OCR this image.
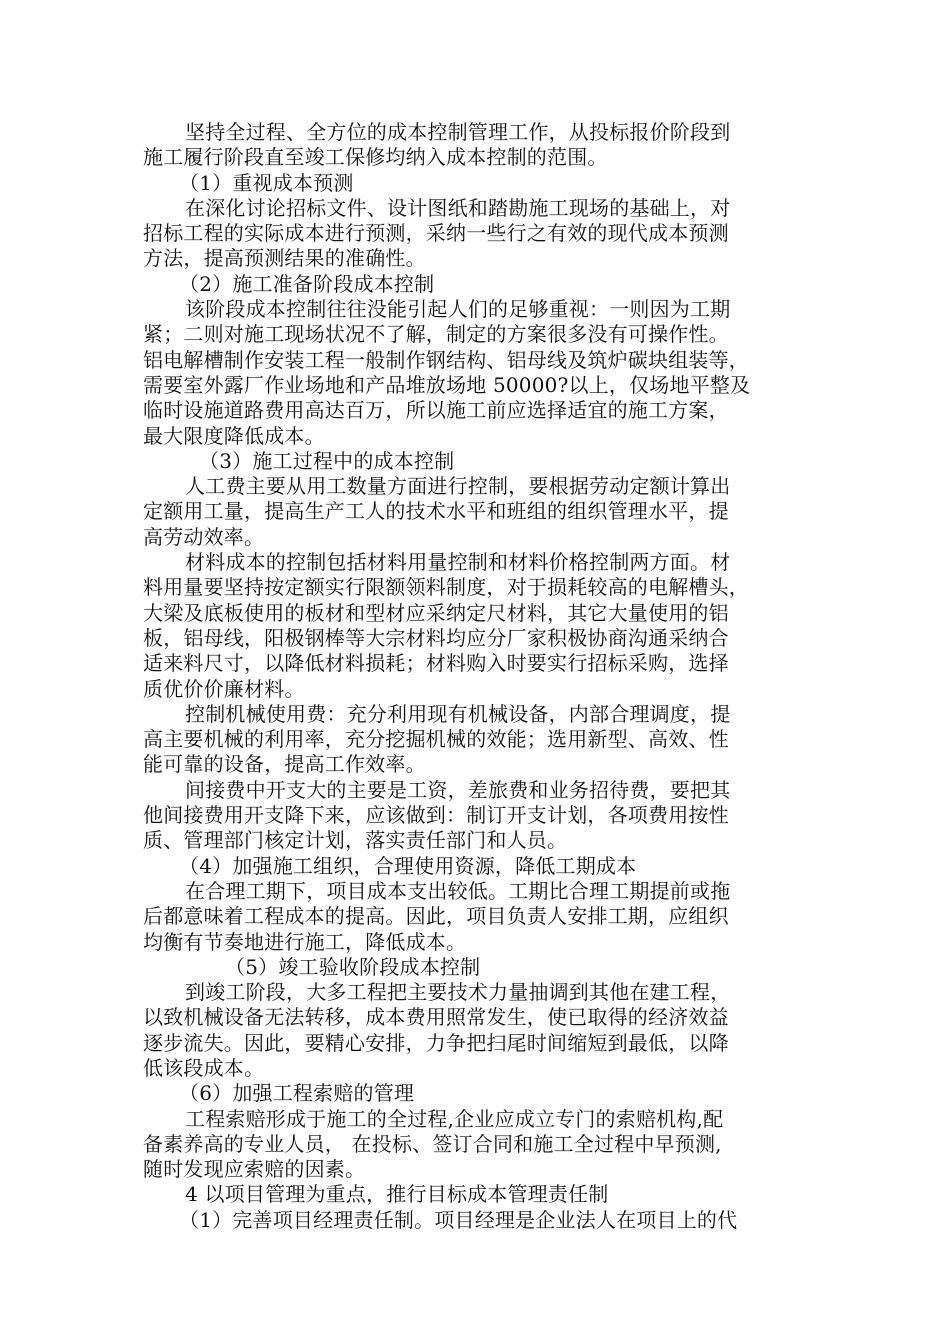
坚持全过程、全方位的成本控制管理工作，从投标报价阶段到
施工履行阶段直至竣工保修均纳入成本控制的范围。
（1）重视成本预测
在深化讨论招标文件、设计图纸和踏勘施工现场的基础上，对
招标工程的实际成本进行预测，采纳一些行之有效的现代成本预测
方法，提高预测结果的准确性。
（2）施工准备阶段成本控制
该阶段成本控制往往没能引起人们的足够重视：一则因为工期
紧；二则对施工现场状况不了解，制定的方案很多没有可操作性。
铝电解槽制作安装工程一般制作钢结构、铝母线及筑炉碳块组装等，
需要室外露厂作业场地和产品堆放场地 50000?以上，仅场地平整及
临时设施道路费用高达百万，所以施工前应选择适宜的施工方案，
最大限度降低成本。
（3）施工过程中的成本控制
人工费主要从用工数量方面进行控制，要根据劳动定额计算出
定额用工量，提高生产工人的技术水平和班组的组织管理水平，提
高劳动效率。
材料成本的控制包括材料用量控制和材料价格控制两方面。材
料用量要坚持按定额实行限额领料制度，对于损耗较高的电解槽头，
大梁及底板使用的板材和型材应采纳定尺材料，其它大量使用的铝
板，铝母线，阳极钢棒等大宗材料均应分厂家积极协商沟通采纳合
适来料尺寸，以降低材料损耗；材料购入时要实行招标采购，选择
质优价价廉材料。
控制机械使用费：充分利用现有机械设备，内部合理调度，提
高主要机械的利用率，充分挖掘机械的效能；选用新型、高效、性
能可靠的设备，提高工作效率。
间接费中开支大的主要是工资，差旅费和业务招待费，要把其
他间接费用开支降下来，应该做到：制订开支计划，各项费用按性
质、管理部门核定计划，落实责任部门和人员。
（4）加强施工组织，合理使用资源，降低工期成本
在合理工期下，项目成本支出较低。工期比合理工期提前或拖
后都意味着工程成本的提高。因此，项目负责人安排工期，应组织
均衡有节奏地进行施工，降低成本。
（5）竣工验收阶段成本控制
到竣工阶段，大多工程把主要技术力量抽调到其他在建工程，
以致机械设备无法转移，成本费用照常发生，使已取得的经济效益
逐步流失。因此，要精心安排，力争把扫尾时间缩短到最低，以降
低该段成本。
（6）加强工程索赔的管理
工程索赔形成于施工的全过程,企业应成立专门的索赔机构,配
备素养高的专业人员， 在投标、签订合同和施工全过程中早预测,
随时发现应索赔的因素。
4 以项目管理为重点，推行目标成本管理责任制
（1）完善项目经理责任制。项目经理是企业法人在项目上的代
